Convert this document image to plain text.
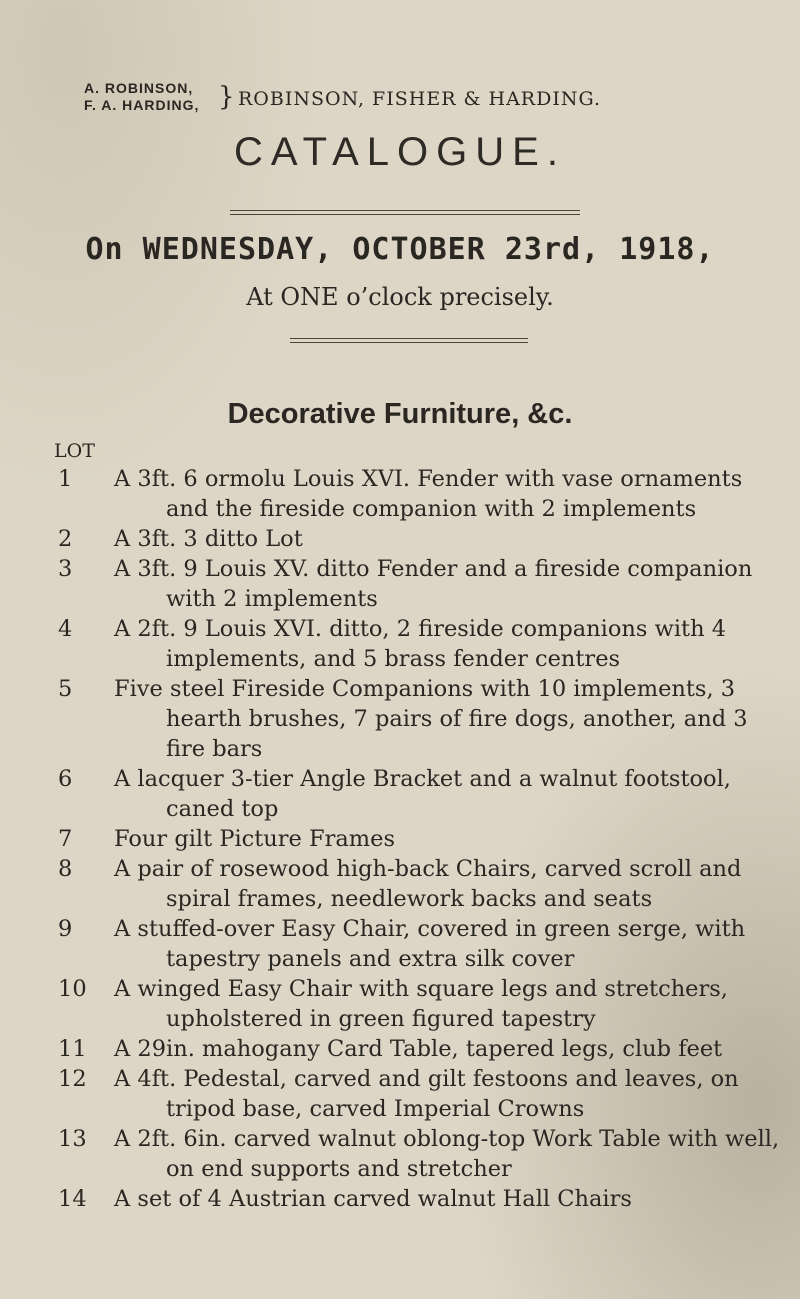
A. ROBINSON,
F. A. HARDING, } ROBINSON, FISHER & HARDING.
CATALOGUE.
On WEDNESDAY, OCTOBER 23rd, 1918,
At ONE o’clock precisely.
Decorative Furniture, &c.
LOT
1	A 3ft. 6 ormolu Louis XVI. Fender with vase ornaments and the fireside companion with 2 implements
2	A 3ft. 3 ditto Lot
3	A 3ft. 9 Louis XV. ditto Fender and a fireside companion with 2 implements
4	A 2ft. 9 Louis XVI. ditto, 2 fireside companions with 4 implements, and 5 brass fender centres
5	Five steel Fireside Companions with 10 implements, 3 hearth brushes, 7 pairs of fire dogs, another, and 3 fire bars
6	A lacquer 3-tier Angle Bracket and a walnut footstool, caned top
7	Four gilt Picture Frames
8	A pair of rosewood high-back Chairs, carved scroll and spiral frames, needlework backs and seats
9	A stuffed-over Easy Chair, covered in green serge, with tapestry panels and extra silk cover
10	A winged Easy Chair with square legs and stretchers, upholstered in green figured tapestry
11	A 29in. mahogany Card Table, tapered legs, club feet
12	A 4ft. Pedestal, carved and gilt festoons and leaves, on tripod base, carved Imperial Crowns
13	A 2ft. 6in. carved walnut oblong-top Work Table with well, on end supports and stretcher
14	A set of 4 Austrian carved walnut Hall Chairs
